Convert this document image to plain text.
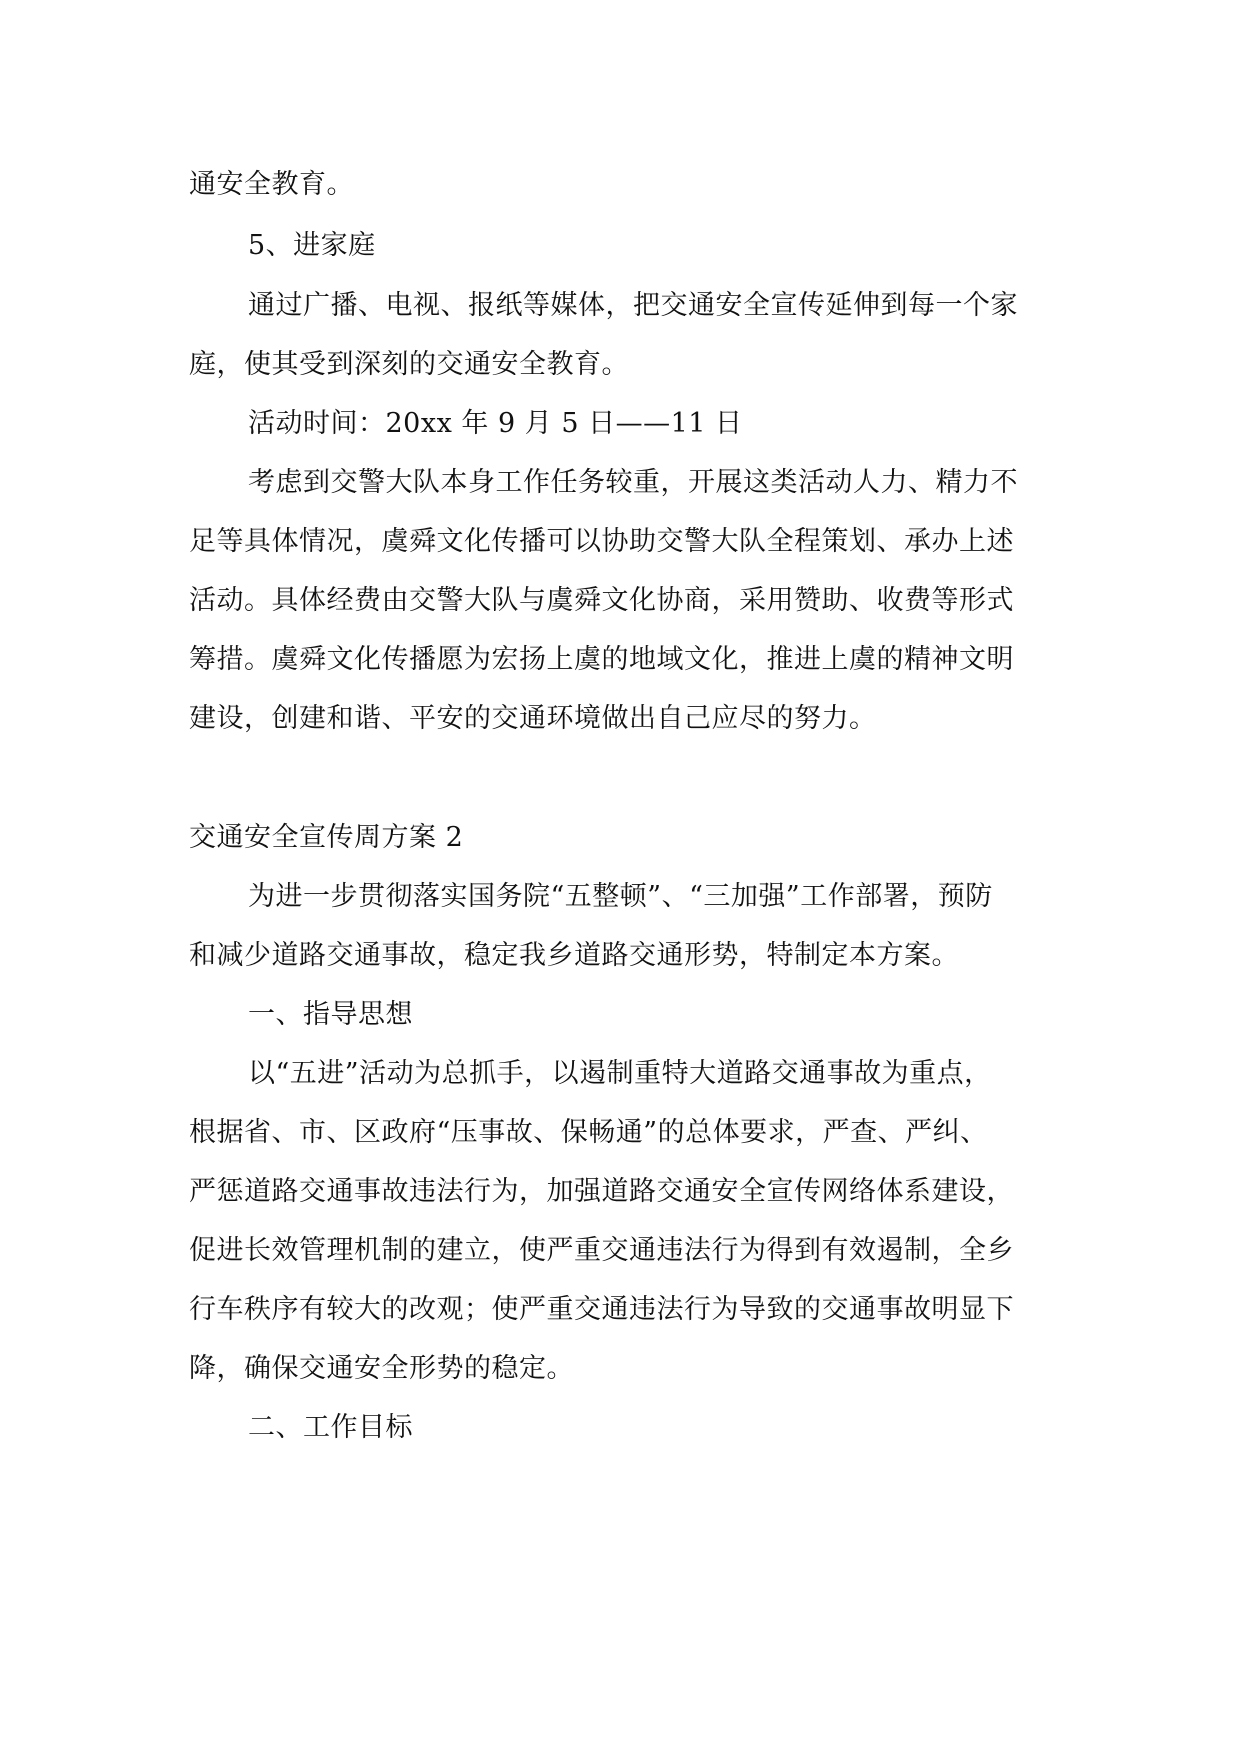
通安全教育。
5、进家庭
通过广播、电视、报纸等媒体，把交通安全宣传延伸到每一个家
庭，使其受到深刻的交通安全教育。
活动时间：20xx 年 9 月 5 日——11 日
考虑到交警大队本身工作任务较重，开展这类活动人力、精力不
足等具体情况，虞舜文化传播可以协助交警大队全程策划、承办上述
活动。具体经费由交警大队与虞舜文化协商，采用赞助、收费等形式
筹措。虞舜文化传播愿为宏扬上虞的地域文化，推进上虞的精神文明
建设，创建和谐、平安的交通环境做出自己应尽的努力。
交通安全宣传周方案 2
为进一步贯彻落实国务院“五整顿”、“三加强”工作部署，预防
和减少道路交通事故，稳定我乡道路交通形势，特制定本方案。
一、指导思想
以“五进”活动为总抓手，以遏制重特大道路交通事故为重点，
根据省、市、区政府“压事故、保畅通”的总体要求，严查、严纠、
严惩道路交通事故违法行为，加强道路交通安全宣传网络体系建设，
促进长效管理机制的建立，使严重交通违法行为得到有效遏制，全乡
行车秩序有较大的改观；使严重交通违法行为导致的交通事故明显下
降，确保交通安全形势的稳定。
二、工作目标
